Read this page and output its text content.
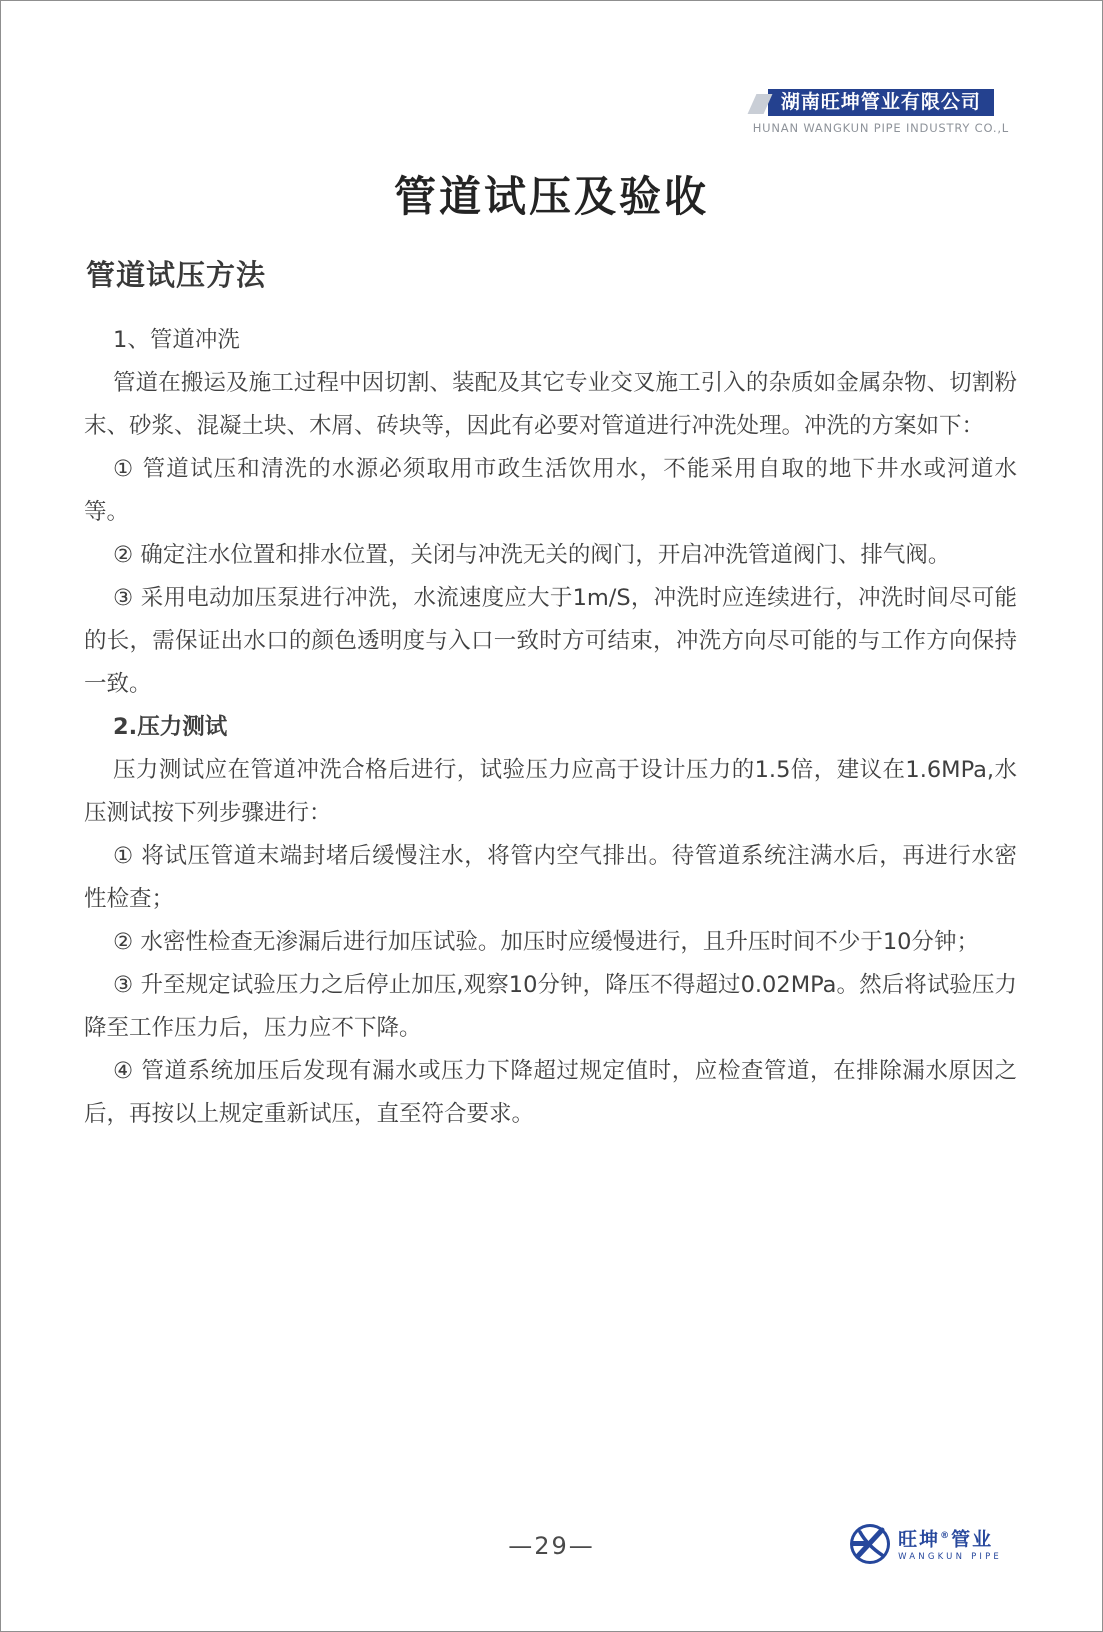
湖南旺坤管业有限公司
HUNAN WANGKUN PIPE INDUSTRY CO.,L
管道试压及验收
管道试压方法

1、管道冲洗

管道在搬运及施工过程中因切割、装配及其它专业交叉施工引入的杂质如金属杂物、切割粉末、砂浆、混凝土块、木屑、砖块等，因此有必要对管道进行冲洗处理。冲洗的方案如下：

① 管道试压和清洗的水源必须取用市政生活饮用水，不能采用自取的地下井水或河道水等。

② 确定注水位置和排水位置，关闭与冲洗无关的阀门，开启冲洗管道阀门、排气阀。

③ 采用电动加压泵进行冲洗，水流速度应大于1m/S，冲洗时应连续进行，冲洗时间尽可能的长，需保证出水口的颜色透明度与入口一致时方可结束，冲洗方向尽可能的与工作方向保持一致。

2.压力测试

压力测试应在管道冲洗合格后进行，试验压力应高于设计压力的1.5倍，建议在1.6MPa,水压测试按下列步骤进行：

① 将试压管道末端封堵后缓慢注水，将管内空气排出。待管道系统注满水后，再进行水密性检查；

② 水密性检查无渗漏后进行加压试验。加压时应缓慢进行，且升压时间不少于10分钟；

③ 升至规定试验压力之后停止加压,观察10分钟，降压不得超过0.02MPa。然后将试验压力降至工作压力后，压力应不下降。

④ 管道系统加压后发现有漏水或压力下降超过规定值时，应检查管道，在排除漏水原因之后，再按以上规定重新试压，直至符合要求。

—29—	旺坤®管业
WANGKUN PIPE
